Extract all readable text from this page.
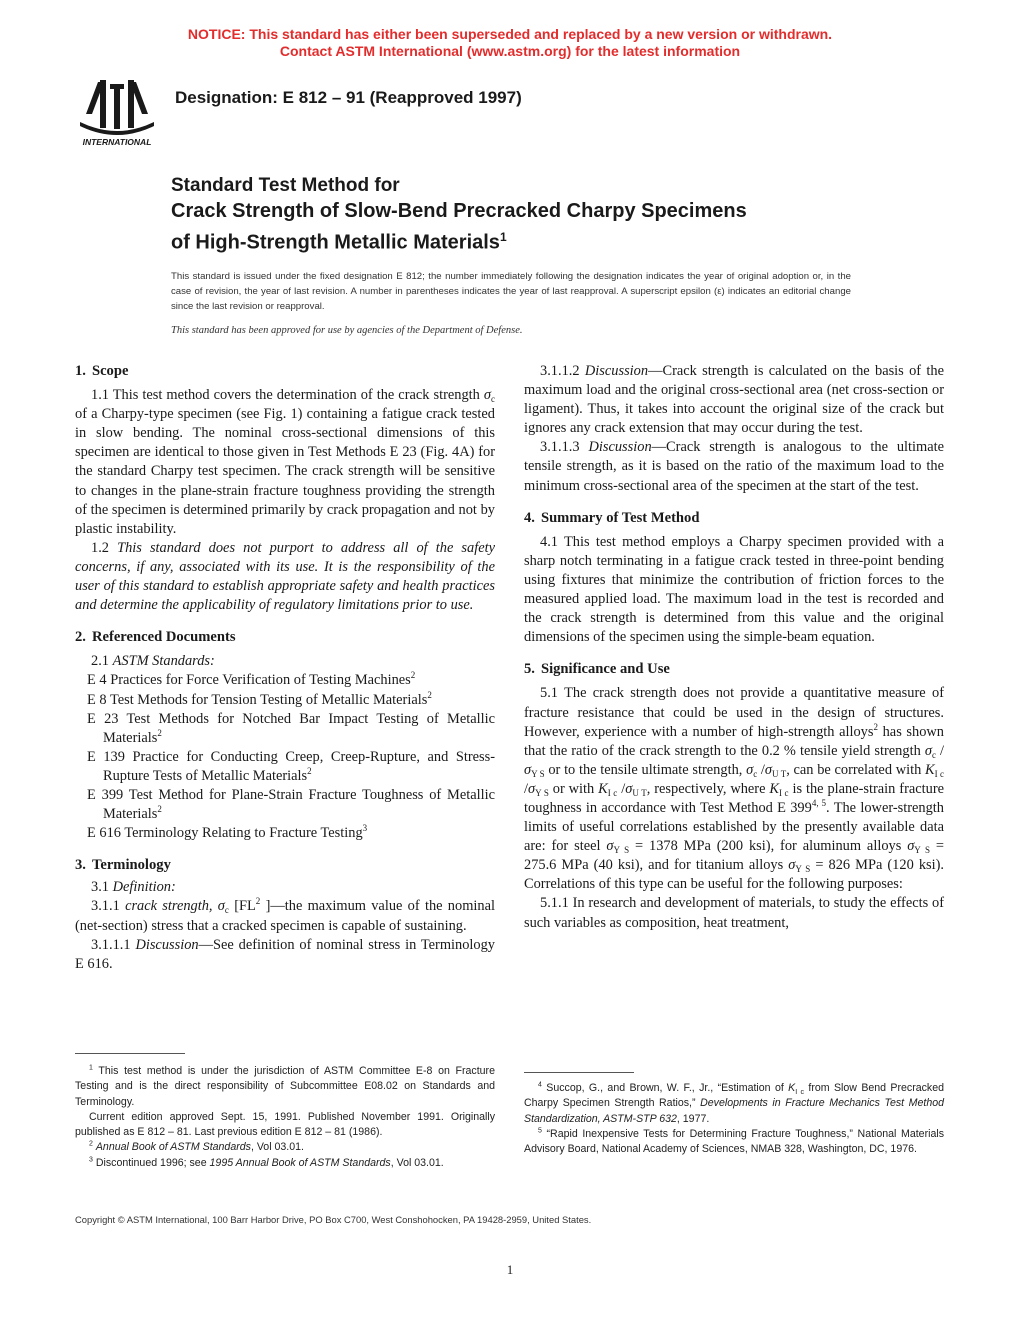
NOTICE: This standard has either been superseded and replaced by a new version or withdrawn.
Contact ASTM International (www.astm.org) for the latest information
INTERNATIONAL
Designation: E 812 – 91 (Reapproved 1997)
Standard Test Method for
Crack Strength of Slow-Bend Precracked Charpy Specimens
of High-Strength Metallic Materials$^1$
This standard is issued under the fixed designation E 812; the number immediately following the designation indicates the year of original adoption or, in the case of revision, the year of last revision. A number in parentheses indicates the year of last reapproval. A superscript epsilon (ε) indicates an editorial change since the last revision or reapproval.
This standard has been approved for use by agencies of the Department of Defense.
1. Scope

1.1 This test method covers the determination of the crack strength $\sigma_c$ of a Charpy-type specimen (see Fig. 1) containing a fatigue crack tested in slow bending. The nominal cross-sectional dimensions of this specimen are identical to those given in Test Methods E 23 (Fig. 4A) for the standard Charpy test specimen. The crack strength will be sensitive to changes in the plane-strain fracture toughness providing the strength of the specimen is determined primarily by crack propagation and not by plastic instability.

1.2 This standard does not purport to address all of the safety concerns, if any, associated with its use. It is the responsibility of the user of this standard to establish appropriate safety and health practices and determine the applicability of regulatory limitations prior to use.

2. Referenced Documents

2.1 ASTM Standards:

E 4 Practices for Force Verification of Testing Machines$^2$

E 8 Test Methods for Tension Testing of Metallic Materials$^2$

E 23 Test Methods for Notched Bar Impact Testing of Metallic Materials$^2$

E 139 Practice for Conducting Creep, Creep-Rupture, and Stress-Rupture Tests of Metallic Materials$^2$

E 399 Test Method for Plane-Strain Fracture Toughness of Metallic Materials$^2$

E 616 Terminology Relating to Fracture Testing$^3$

3. Terminology

3.1 Definition:

3.1.1 crack strength, $\sigma_c$ [$FL^2$ ]—the maximum value of the nominal (net-section) stress that a cracked specimen is capable of sustaining.

3.1.1.1 Discussion—See definition of nominal stress in Terminology E 616.

3.1.1.2 Discussion—Crack strength is calculated on the basis of the maximum load and the original cross-sectional area (net cross-section or ligament). Thus, it takes into account the original size of the crack but ignores any crack extension that may occur during the test.

3.1.1.3 Discussion—Crack strength is analogous to the ultimate tensile strength, as it is based on the ratio of the maximum load to the minimum cross-sectional area of the specimen at the start of the test.

4. Summary of Test Method

4.1 This test method employs a Charpy specimen provided with a sharp notch terminating in a fatigue crack tested in three-point bending using fixtures that minimize the contribution of friction forces to the measured applied load. The maximum load in the test is recorded and the crack strength is determined from this value and the original dimensions of the specimen using the simple-beam equation.

5. Significance and Use

5.1 The crack strength does not provide a quantitative measure of fracture resistance that could be used in the design of structures. However, experience with a number of high-strength alloys$^2$ has shown that the ratio of the crack strength to the 0.2 % tensile yield strength $\sigma_c$ $/\sigma_{Y S}$ or to the tensile ultimate strength, $\sigma_c$ $/\sigma_{U T}$, can be correlated with $K_{I c}$ $/\sigma_{Y S}$ or with $K_{I c}$ $/\sigma_{U T}$, respectively, where $K_{I c}$ is the plane-strain fracture toughness in accordance with Test Method E 399$^{4, 5}$. The lower-strength limits of useful correlations established by the presently available data are: for steel $\sigma_{Y S} = 1378$ MPa (200 ksi), for aluminum alloys $\sigma_{Y S} = 275.6$ MPa (40 ksi), and for titanium alloys $\sigma_{Y S} = 826$ MPa (120 ksi). Correlations of this type can be useful for the following purposes:

5.1.1 In research and development of materials, to study the effects of such variables as composition, heat treatment,

$^1$ This test method is under the jurisdiction of ASTM Committee E-8 on Fracture Testing and is the direct responsibility of Subcommittee E08.02 on Standards and Terminology.

Current edition approved Sept. 15, 1991. Published November 1991. Originally published as E 812 – 81. Last previous edition E 812 – 81 (1986).

$^2$ Annual Book of ASTM Standards, Vol 03.01.

$^3$ Discontinued 1996; see 1995 Annual Book of ASTM Standards, Vol 03.01.

$^4$ Succop, G., and Brown, W. F., Jr., “Estimation of $K_{I c}$ from Slow Bend Precracked Charpy Specimen Strength Ratios,” Developments in Fracture Mechanics Test Method Standardization, ASTM-STP 632, 1977.

$^5$ “Rapid Inexpensive Tests for Determining Fracture Toughness,” National Materials Advisory Board, National Academy of Sciences, NMAB 328, Washington, DC, 1976.

Copyright © ASTM International, 100 Barr Harbor Drive, PO Box C700, West Conshohocken, PA 19428-2959, United States.
1
